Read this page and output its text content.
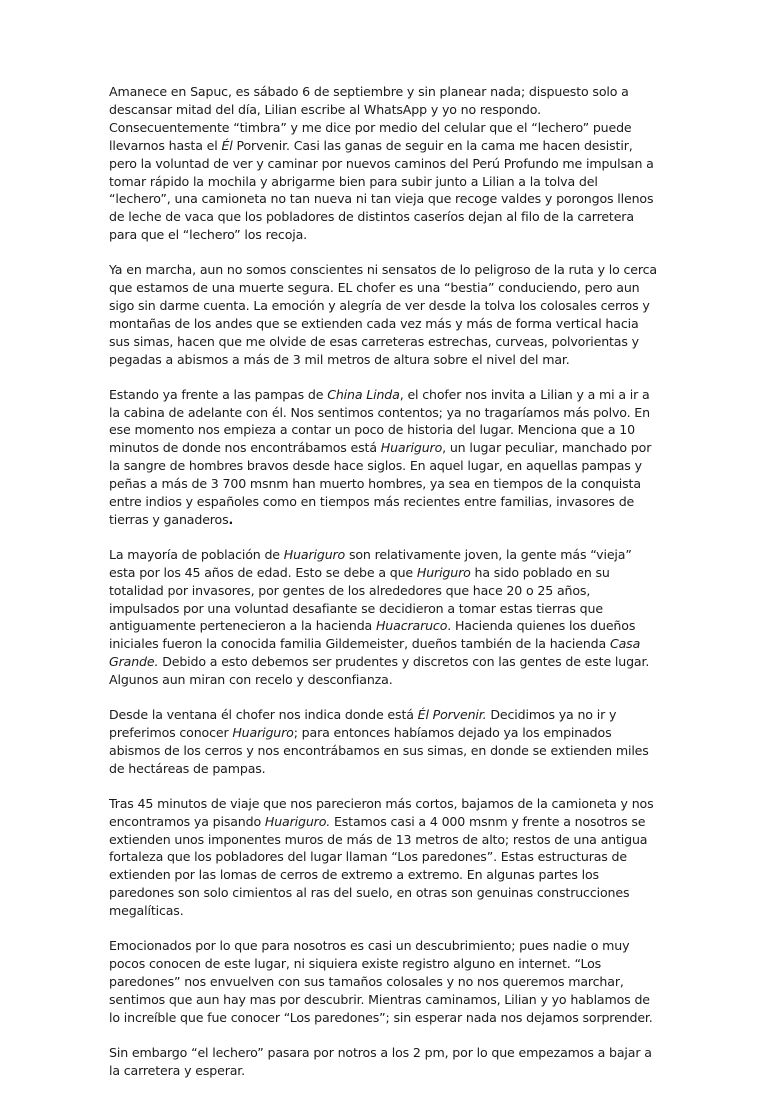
Amanece en Sapuc, es sábado 6 de septiembre y sin planear nada; dispuesto solo a descansar mitad del día, Lilian escribe al WhatsApp y yo no respondo. Consecuentemente “timbra” y me dice por medio del celular que el “lechero” puede llevarnos hasta el Él Porvenir. Casi las ganas de seguir en la cama me hacen desistir, pero la voluntad de ver y caminar por nuevos caminos del Perú Profundo me impulsan a tomar rápido la mochila y abrigarme bien para subir junto a Lilian a la tolva del “lechero”, una camioneta no tan nueva ni tan vieja que recoge valdes y porongos llenos de leche de vaca que los pobladores de distintos caseríos dejan al filo de la carretera para que el “lechero” los recoja.

Ya en marcha, aun no somos conscientes ni sensatos de lo peligroso de la ruta y lo cerca que estamos de una muerte segura. EL chofer es una “bestia” conduciendo, pero aun sigo sin darme cuenta. La emoción y alegría de ver desde la tolva los colosales cerros y montañas de los andes que se extienden cada vez más y más de forma vertical hacia sus simas, hacen que me olvide de esas carreteras estrechas, curveas, polvorientas y pegadas a abismos a más de 3 mil metros de altura sobre el nivel del mar.

Estando ya frente a las pampas de China Linda, el chofer nos invita a Lilian y a mi a ir a la cabina de adelante con él. Nos sentimos contentos; ya no tragaríamos más polvo. En ese momento nos empieza a contar un poco de historia del lugar. Menciona que a 10 minutos de donde nos encontrábamos está Huariguro, un lugar peculiar, manchado por la sangre de hombres bravos desde hace siglos. En aquel lugar, en aquellas pampas y peñas a más de 3 700 msnm han muerto hombres, ya sea en tiempos de la conquista entre indios y españoles como en tiempos más recientes entre familias, invasores de tierras y ganaderos.

La mayoría de población de Huariguro son relativamente joven, la gente más “vieja” esta por los 45 años de edad. Esto se debe a que Huriguro ha sido poblado en su totalidad por invasores, por gentes de los alrededores que hace 20 o 25 años, impulsados por una voluntad desafiante se decidieron a tomar estas tierras que antiguamente pertenecieron a la hacienda Huacraruco. Hacienda quienes los dueños iniciales fueron la conocida familia Gildemeister, dueños también de la hacienda Casa Grande. Debido a esto debemos ser prudentes y discretos con las gentes de este lugar. Algunos aun miran con recelo y desconfianza.

Desde la ventana él chofer nos indica donde está Él Porvenir. Decidimos ya no ir y preferimos conocer Huariguro; para entonces habíamos dejado ya los empinados abismos de los cerros y nos encontrábamos en sus simas, en donde se extienden miles de hectáreas de pampas.

Tras 45 minutos de viaje que nos parecieron más cortos, bajamos de la camioneta y nos encontramos ya pisando Huariguro. Estamos casi a 4 000 msnm y frente a nosotros se extienden unos imponentes muros de más de 13 metros de alto; restos de una antigua fortaleza que los pobladores del lugar llaman “Los paredones”. Estas estructuras de extienden por las lomas de cerros de extremo a extremo. En algunas partes los paredones son solo cimientos al ras del suelo, en otras son genuinas construcciones megalíticas.

Emocionados por lo que para nosotros es casi un descubrimiento; pues nadie o muy pocos conocen de este lugar, ni siquiera existe registro alguno en internet. “Los paredones” nos envuelven con sus tamaños colosales y no nos queremos marchar, sentimos que aun hay mas por descubrir. Mientras caminamos, Lilian y yo hablamos de lo increíble que fue conocer “Los paredones”; sin esperar nada nos dejamos sorprender.

Sin embargo “el lechero” pasara por notros a los 2 pm, por lo que empezamos a bajar a la carretera y esperar.
